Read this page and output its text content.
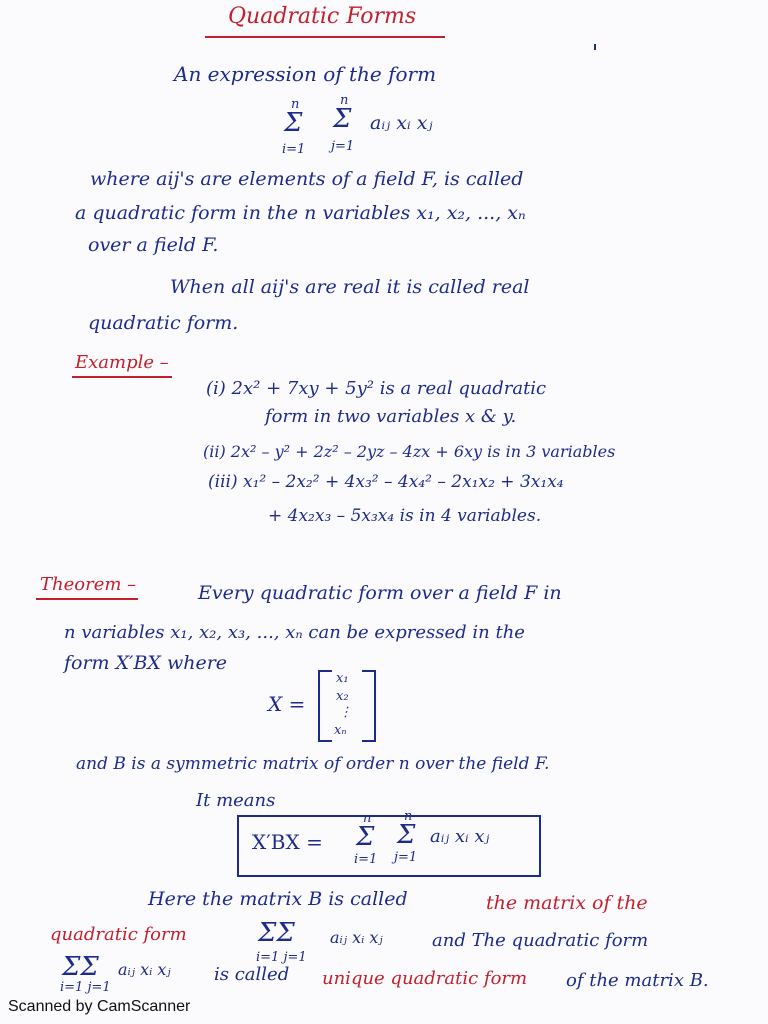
Quadratic Forms
An expression of the form
n	n
Σ Σ aᵢⱼ xᵢ xⱼ
i=1 j=1
where aij's are elements of a field F, is called
a quadratic form in the n variables x₁, x₂, ..., xₙ
over a field F.
When all aij's are real it is called real
quadratic form.
Example –
(i) 2x² + 7xy + 5y² is a real quadratic
form in two variables x & y.
(ii) 2x² – y² + 2z² – 2yz – 4zx + 6xy is in 3 variables
(iii) x₁² – 2x₂² + 4x₃² – 4x₄² – 2x₁x₂ + 3x₁x₄
+ 4x₂x₃ – 5x₃x₄ is in 4 variables.
Theorem –	Every quadratic form over a field F in
n variables x₁, x₂, x₃, ..., xₙ can be expressed in the
form X′BX where
X =
x₁
x₂
⋮
xₙ
and B is a symmetric matrix of order n over the field F.
It means
X′BX =
n	n
Σ Σ aᵢⱼ xᵢ xⱼ
i=1 j=1
Here the matrix B is called	the matrix of the
quadratic form	ΣΣ aᵢⱼ xᵢ xⱼ	and The quadratic form
i=1 j=1
ΣΣ aᵢⱼ xᵢ xⱼ is called unique quadratic form of the matrix B.
i=1 j=1
Scanned by CamScanner
